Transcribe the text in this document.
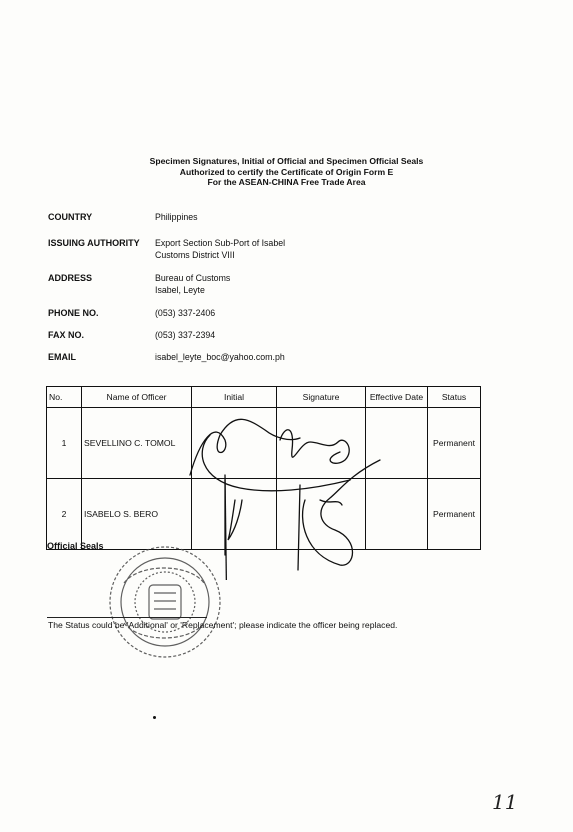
Specimen Signatures, Initial of Official and Specimen Official Seals
Authorized to certify the Certificate of Origin Form E
For the ASEAN-CHINA Free Trade Area
COUNTRY	Philippines
ISSUING AUTHORITY Export Section Sub-Port of Isabel
Customs District VIII
ADDRESS	Bureau of Customs
Isabel, Leyte
PHONE NO.	(053) 337-2406
FAX NO.	(053) 337-2394
EMAIL	isabel_leyte_boc@yahoo.com.ph
No.	Name of Officer	Initial	Signature	Effective Date	Status
1	SEVELLINO C. TOMOL				Permanent
2	ISABELO S. BERO				Permanent
Official Seals
The Status could be 'Additional' or 'Replacement'; please indicate the officer being replaced.
11
